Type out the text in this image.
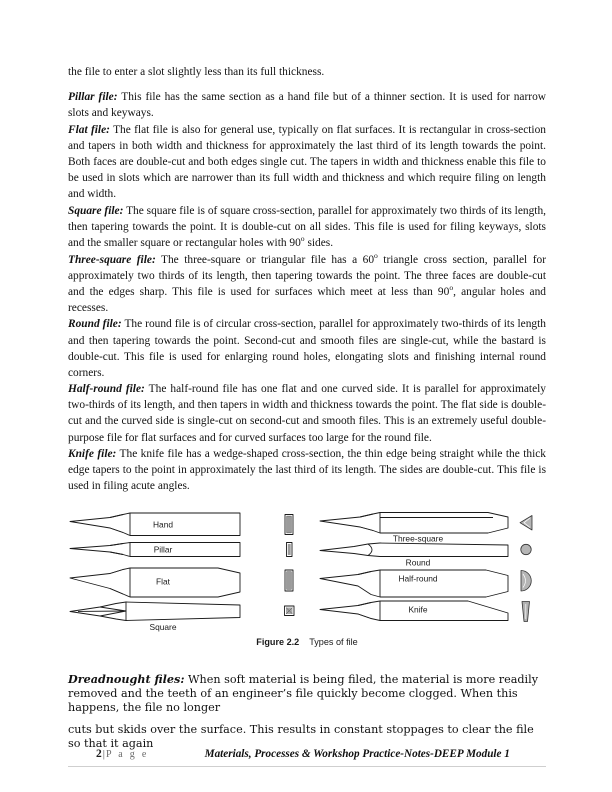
the file to enter a slot slightly less than its full thickness.

Pillar file: This file has the same section as a hand file but of a thinner section. It is used for narrow slots and keyways.

Flat file: The flat file is also for general use, typically on flat surfaces. It is rectangular in cross-section and tapers in both width and thickness for approximately the last third of its length towards the point. Both faces are double-cut and both edges single cut. The tapers in width and thickness enable this file to be used in slots which are narrower than its full width and thickness and which require filing on length and width.

Square file: The square file is of square cross-section, parallel for approximately two thirds of its length, then tapering towards the point. It is double-cut on all sides. This file is used for filing keyways, slots and the smaller square or rectangular holes with 90$^o$ sides.

Three-square file: The three-square or triangular file has a 60$^o$ triangle cross section, parallel for approximately two thirds of its length, then tapering towards the point. The three faces are double-cut and the edges sharp. This file is used for surfaces which meet at less than 90$^o$, angular holes and recesses.

Round file: The round file is of circular cross-section, parallel for approximately two-thirds of its length and then tapering towards the point. Second-cut and smooth files are single-cut, while the bastard is double-cut. This file is used for enlarging round holes, elongating slots and finishing internal round corners.

Half-round file: The half-round file has one flat and one curved side. It is parallel for approximately two-thirds of its length, and then tapers in width and thickness towards the point. The flat side is double-cut and the curved side is single-cut on second-cut and smooth files. This is an extremely useful double-purpose file for flat surfaces and for curved surfaces too large for the round file.

Knife file: The knife file has a wedge-shaped cross-section, the thin edge being straight while the thick edge tapers to the point in approximately the last third of its length. The sides are double-cut. This file is used in filing acute angles.

Hand
Pillar
Flat
Square
Three-square
Round
Half-round
Knife
Figure 2.2 Types of file

Dreadnought files: When soft material is being filed, the material is more readily removed and the teeth of an engineer’s file quickly become clogged. When this happens, the file no longer

cuts but skids over the surface. This results in constant stoppages to clear the file so that it again

2|P a g e	Materials, Processes & Workshop Practice-Notes-DEEP Module 1
